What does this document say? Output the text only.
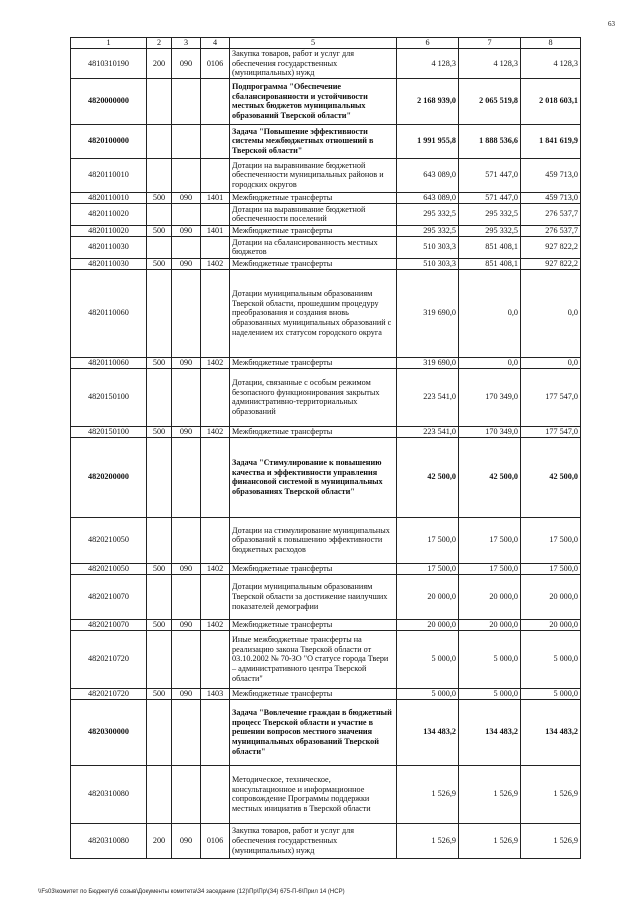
63
1	2	3	4	5	6	7	8
4810310190	200	090	0106	Закупка товаров, работ и услуг для обеспечения государственных (муниципальных) нужд	4 128,3	4 128,3	4 128,3
4820000000				Подпрограмма "Обеспечение сбалансированности и устойчивости местных бюджетов муниципальных образований Тверской области"	2 168 939,0	2 065 519,8	2 018 603,1
4820100000				Задача "Повышение эффективности системы межбюджетных отношений в Тверской области"	1 991 955,8	1 888 536,6	1 841 619,9
4820110010				Дотации на выравнивание бюджетной обеспеченности муниципальных районов и городских округов	643 089,0	571 447,0	459 713,0
4820110010	500	090	1401	Межбюджетные трансферты	643 089,0	571 447,0	459 713,0
4820110020				Дотации на выравнивание бюджетной обеспеченности поселений	295 332,5	295 332,5	276 537,7
4820110020	500	090	1401	Межбюджетные трансферты	295 332,5	295 332,5	276 537,7
4820110030				Дотации на сбалансированность местных бюджетов	510 303,3	851 408,1	927 822,2
4820110030	500	090	1402	Межбюджетные трансферты	510 303,3	851 408,1	927 822,2
4820110060				Дотации муниципальным образованиям Тверской области, прошедшим процедуру преобразования и создания вновь образованных муниципальных образований с наделением их статусом городского округа	319 690,0	0,0	0,0
4820110060	500	090	1402	Межбюджетные трансферты	319 690,0	0,0	0,0
4820150100				Дотации, связанные с особым режимом безопасного функционирования закрытых административно-территориальных образований	223 541,0	170 349,0	177 547,0
4820150100	500	090	1402	Межбюджетные трансферты	223 541,0	170 349,0	177 547,0
4820200000				Задача "Стимулирование к повышению качества и эффективности управления финансовой системой в муниципальных образованиях Тверской области"	42 500,0	42 500,0	42 500,0
4820210050				Дотации на стимулирование муниципальных образований к повышению эффективности бюджетных расходов	17 500,0	17 500,0	17 500,0
4820210050	500	090	1402	Межбюджетные трансферты	17 500,0	17 500,0	17 500,0
4820210070				Дотации муниципальным образованиям Тверской области за достижение наилучших показателей демографии	20 000,0	20 000,0	20 000,0
4820210070	500	090	1402	Межбюджетные трансферты	20 000,0	20 000,0	20 000,0
4820210720				Иные межбюджетные трансферты на реализацию закона Тверской области от 03.10.2002 № 70-ЗО "О статусе города Твери – административного центра Тверской области"	5 000,0	5 000,0	5 000,0
4820210720	500	090	1403	Межбюджетные трансферты	5 000,0	5 000,0	5 000,0
4820300000				Задача "Вовлечение граждан в бюджетный процесс Тверской области и участие в решении вопросов местного значения муниципальных образований Тверской области"	134 483,2	134 483,2	134 483,2
4820310080				Методическое, техническое, консультационное и информационное сопровождение Программы поддержки местных инициатив в Тверской области	1 526,9	1 526,9	1 526,9
4820310080	200	090	0106	Закупка товаров, работ и услуг для обеспечения государственных (муниципальных) нужд	1 526,9	1 526,9	1 526,9
\\Fs03\комитет по Бюджету\6 созыв\Документы комитета\34 заседание (12)\Пр\Пр\(34) 675-П-6\Прил 14 (НСР)
